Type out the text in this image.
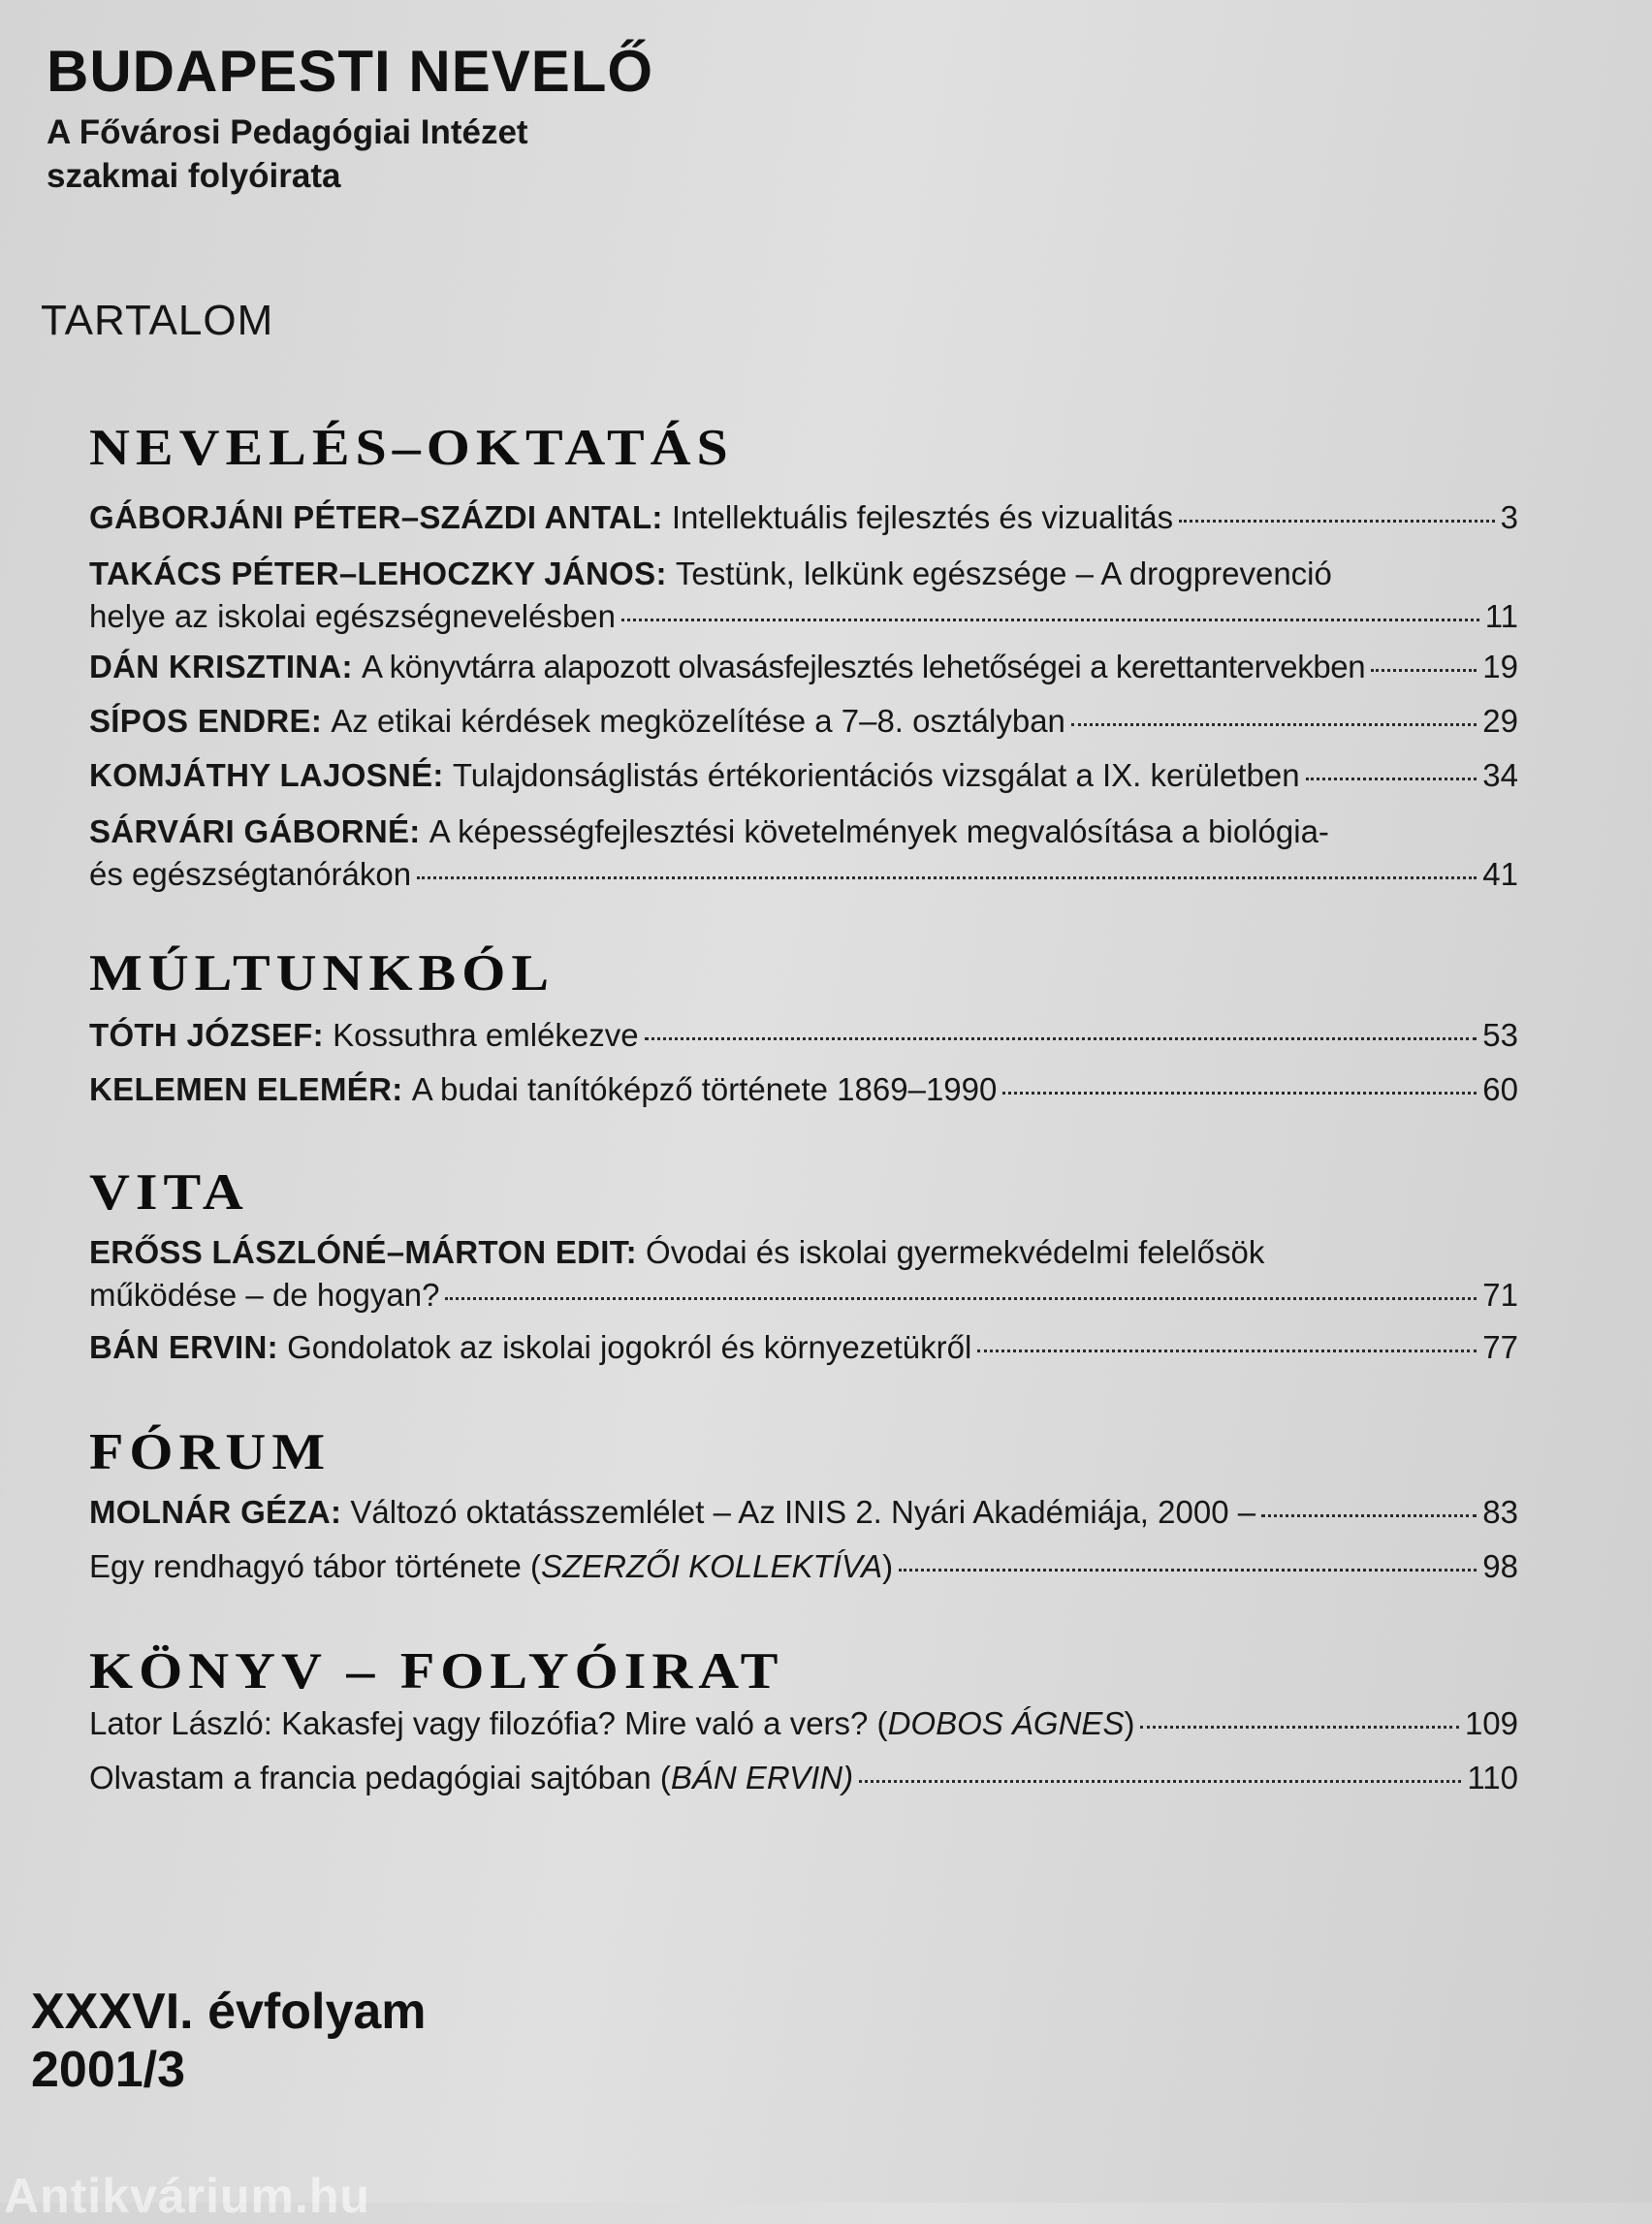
BUDAPESTI NEVELŐ
A Fővárosi Pedagógiai Intézet
szakmai folyóirata
TARTALOM
NEVELÉS–OKTATÁS
GÁBORJÁNI PÉTER–SZÁZDI ANTAL:
Intellektuális fejlesztés és vizualitás	3
TAKÁCS PÉTER–LEHOCZKY JÁNOS:
Testünk, lelkünk egészsége – A drogprevenció
helye az iskolai egészségnevelésben	11
DÁN KRISZTINA:
A könyvtárra alapozott olvasásfejlesztés lehetőségei a kerettantervekben	19
SÍPOS ENDRE:
Az etikai kérdések megközelítése a 7–8. osztályban	29
KOMJÁTHY LAJOSNÉ:
Tulajdonságlistás értékorientációs vizsgálat a IX. kerületben	34
SÁRVÁRI GÁBORNÉ:
A képességfejlesztési követelmények megvalósítása a biológia-
és egészségtanórákon	41
MÚLTUNKBÓL
TÓTH JÓZSEF:
Kossuthra emlékezve	53
KELEMEN ELEMÉR:
A budai tanítóképző története 1869–1990	60
VITA
ERŐSS LÁSZLÓNÉ–MÁRTON EDIT:
Óvodai és iskolai gyermekvédelmi felelősök
működése – de hogyan?	71
BÁN ERVIN:
Gondolatok az iskolai jogokról és környezetükről	77
FÓRUM
MOLNÁR GÉZA:
Változó oktatásszemlélet – Az INIS 2. Nyári Akadémiája, 2000 –	83
Egy rendhagyó tábor története ( SZERZŐI KOLLEKTÍVA )	98
KÖNYV – FOLYÓIRAT
Lator László: Kakasfej vagy filozófia? Mire való a vers? ( DOBOS ÁGNES )	109
Olvastam a francia pedagógiai sajtóban ( BÁN ERVIN)	110
XXXVI. évfolyam
2001/3
Antikvárium.hu
